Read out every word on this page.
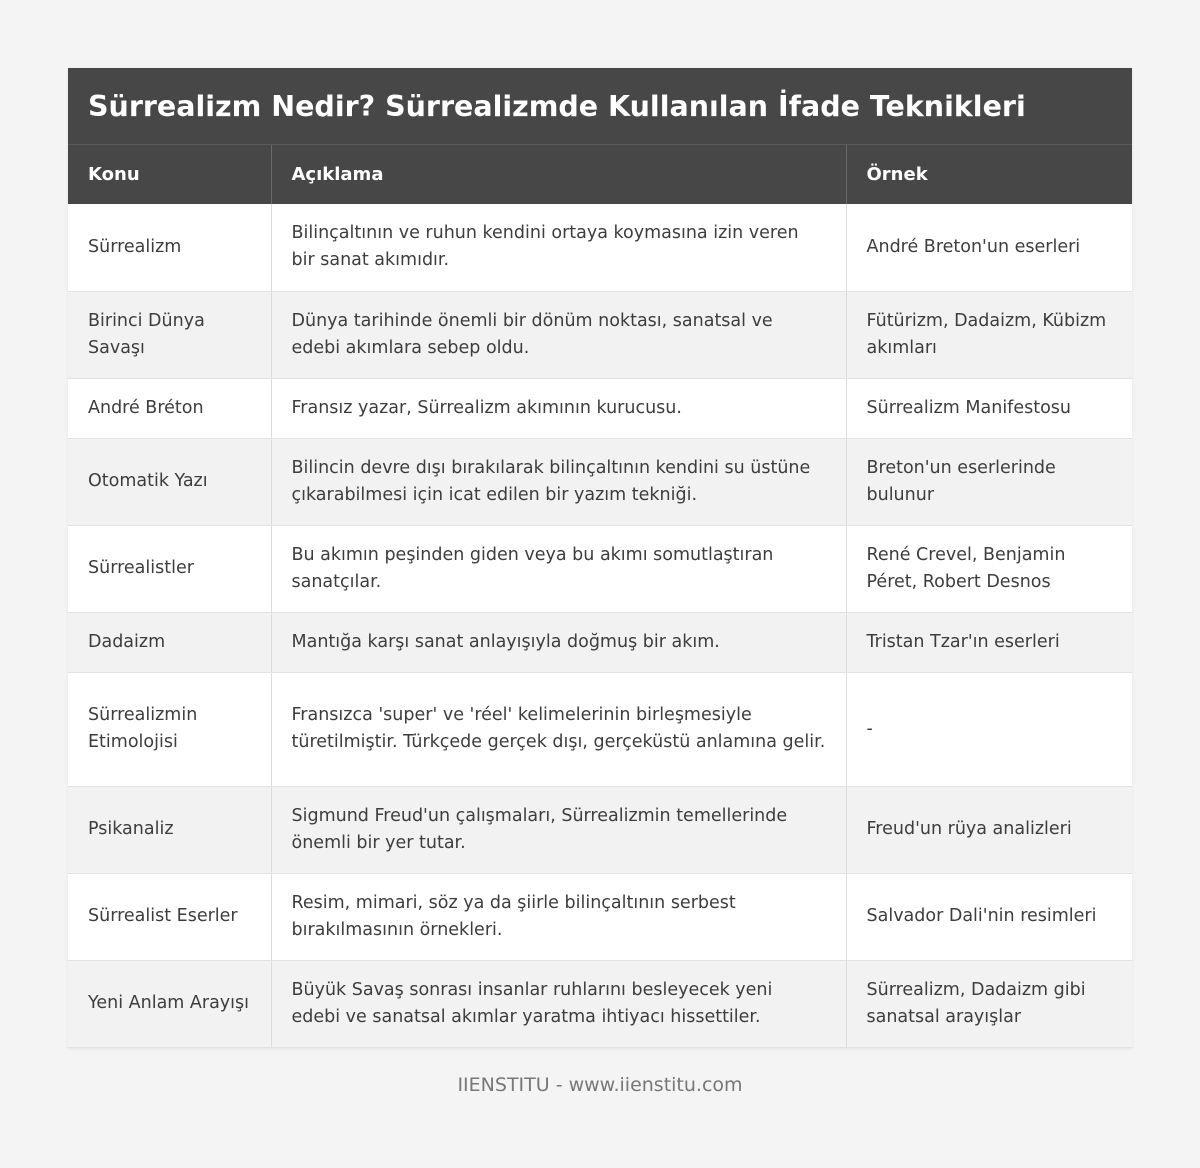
Sürrealizm Nedir? Sürrealizmde Kullanılan İfade Teknikleri
Konu	Açıklama	Örnek
Sürrealizm	Bilinçaltının ve ruhun kendini ortaya koymasına izin veren bir sanat akımıdır.	André Breton'un eserleri
Birinci Dünya Savaşı	Dünya tarihinde önemli bir dönüm noktası, sanatsal ve edebi akımlara sebep oldu.	Fütürizm, Dadaizm, Kübizm akımları
André Bréton	Fransız yazar, Sürrealizm akımının kurucusu.	Sürrealizm Manifestosu
Otomatik Yazı	Bilincin devre dışı bırakılarak bilinçaltının kendini su üstüne çıkarabilmesi için icat edilen bir yazım tekniği.	Breton'un eserlerinde bulunur
Sürrealistler	Bu akımın peşinden giden veya bu akımı somutlaştıran sanatçılar.	René Crevel, Benjamin Péret, Robert Desnos
Dadaizm	Mantığa karşı sanat anlayışıyla doğmuş bir akım.	Tristan Tzar'ın eserleri
Sürrealizmin Etimolojisi	Fransızca 'super' ve 'réel' kelimelerinin birleşmesiyle türetilmiştir. Türkçede gerçek dışı, gerçeküstü anlamına gelir.	-
Psikanaliz	Sigmund Freud'un çalışmaları, Sürrealizmin temellerinde önemli bir yer tutar.	Freud'un rüya analizleri
Sürrealist Eserler	Resim, mimari, söz ya da şiirle bilinçaltının serbest bırakılmasının örnekleri.	Salvador Dali'nin resimleri
Yeni Anlam Arayışı	Büyük Savaş sonrası insanlar ruhlarını besleyecek yeni edebi ve sanatsal akımlar yaratma ihtiyacı hissettiler.	Sürrealizm, Dadaizm gibi sanatsal arayışlar
IIENSTITU - www.iienstitu.com
